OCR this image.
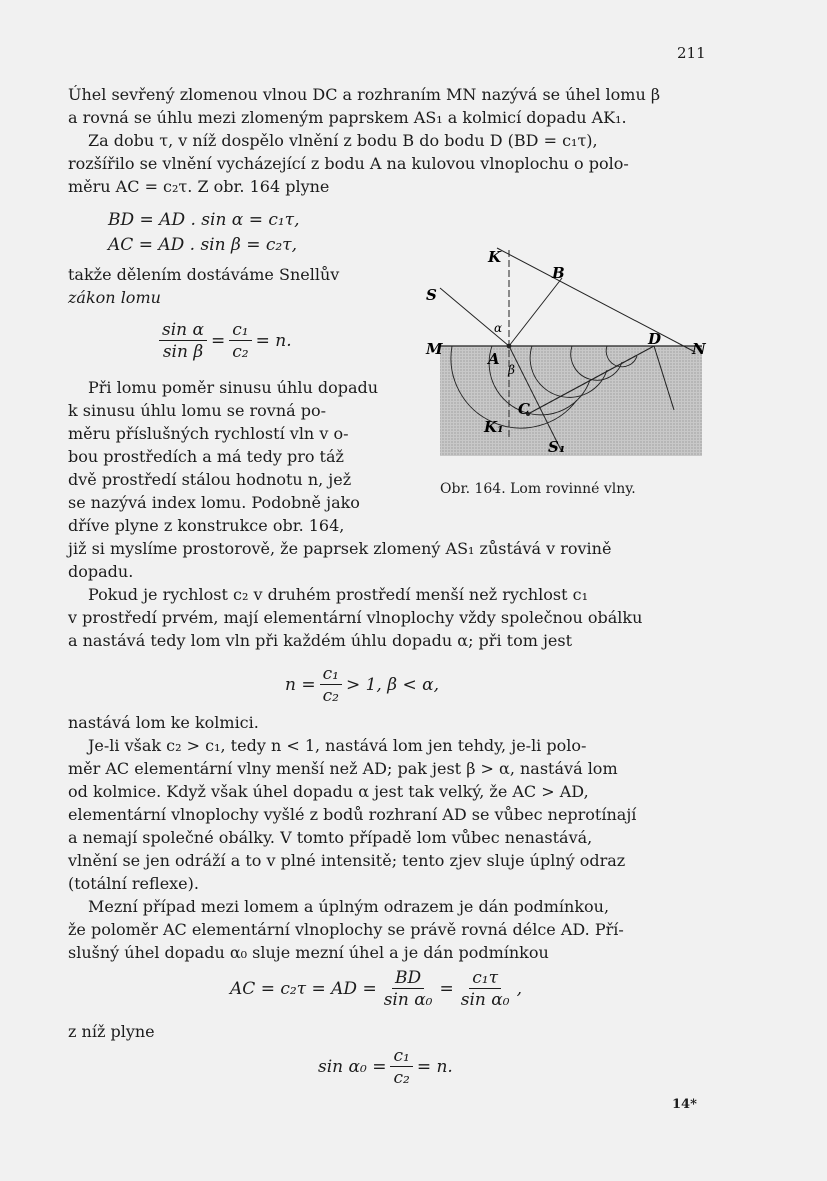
211
Úhel sevřený zlomenou vlnou DC a rozhraním MN nazývá se úhel lomu β
a rovná se úhlu mezi zlomeným paprskem AS₁ a kolmicí dopadu AK₁.
Za dobu τ, v níž dospělo vlnění z bodu B do bodu D (BD = c₁τ),
rozšířilo se vlnění vycházející z bodu A na kulovou vlnoplochu o polo-
měru AC = c₂τ. Z obr. 164 plyne
BD = AD . sin α = c₁τ,
AC = AD . sin β = c₂τ,
takže dělením dostáváme Snellův
zákon lomu
$\frac{\text{sin α}}{\text{sin β}} = \frac{\text{c₁}}{\text{c₂}} = n$.
Při lomu poměr sinusu úhlu dopadu
k sinusu úhlu lomu se rovná po-
měru příslušných rychlostí vln v o-
bou prostředích a má tedy pro táž
dvě prostředí stálou hodnotu n, jež
se nazývá index lomu. Podobně jako
dříve plyne z konstrukce obr. 164,
již si myslíme prostorově, že paprsek zlomený AS₁ zůstává v rovině
dopadu.
Pokud je rychlost c₂ v druhém prostředí menší než rychlost c₁
v prostředí prvém, mají elementární vlnoplochy vždy společnou obálku
a nastává tedy lom vln při každém úhlu dopadu α; při tom jest
$n = \frac{\text{c₁}}{\text{c₂}} > 1$, β < α,
nastává lom ke kolmici.
Je-li však c₂ > c₁, tedy n < 1, nastává lom jen tehdy, je-li polo-
měr AC elementární vlny menší než AD; pak jest β > α, nastává lom
od kolmice. Když však úhel dopadu α jest tak velký, že AC > AD,
elementární vlnoplochy vyšlé z bodů rozhraní AD se vůbec neprotínají
a nemají společné obálky. V tomto případě lom vůbec nenastává,
vlnění se jen odráží a to v plné intensitě; tento zjev sluje úplný odraz
(totální reflexe).
Mezní případ mezi lomem a úplným odrazem je dán podmínkou,
že poloměr AC elementární vlnoplochy se právě rovná délce AD. Pří-
slušný úhel dopadu α₀ sluje mezní úhel a je dán podmínkou
AC = c₂τ = AD = $\frac{BD}{\text{sin α₀}} = \frac{\text{c₁τ}}{\text{sin α₀}}$ ,
z níž plyne
$\sin \alpha_0 = \frac{\text{c₁}}{\text{c₂}} = n$.
K
B
S
α
M
A
D
N
β
C
K₁
S₁
Obr. 164. Lom rovinné vlny.
14*
